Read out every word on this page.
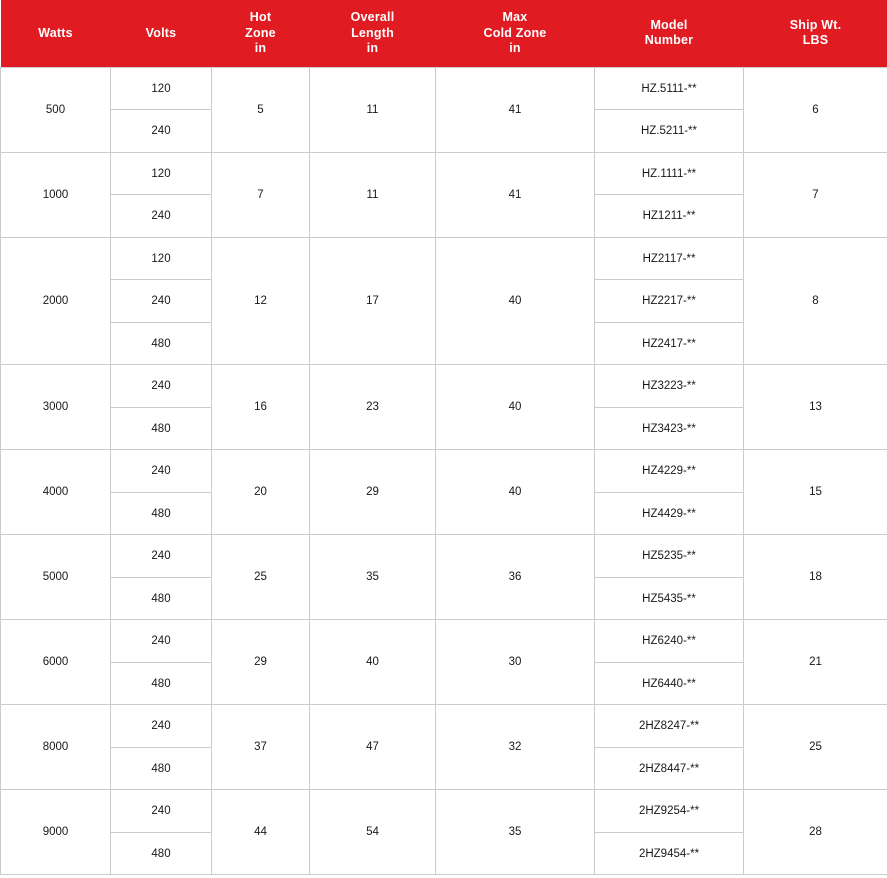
Watts	Volts	Hot
Zone
in	Overall
Length
in	Max
Cold Zone
in	Model
Number	Ship Wt.
LBS
500	120	5	11	41	HZ.5111-**	6
	240				HZ.5211-**	
1000	120	7	11	41	HZ.1111-**	7
	240				HZ1211-**	
2000	120	12	17	40	HZ2117-**	8
	240				HZ2217-**	
	480				HZ2417-**	
3000	240	16	23	40	HZ3223-**	13
	480				HZ3423-**	
4000	240	20	29	40	HZ4229-**	15
	480				HZ4429-**	
5000	240	25	35	36	HZ5235-**	18
	480				HZ5435-**	
6000	240	29	40	30	HZ6240-**	21
	480				HZ6440-**	
8000	240	37	47	32	2HZ8247-**	25
	480				2HZ8447-**	
9000	240	44	54	35	2HZ9254-**	28
	480				2HZ9454-**	
